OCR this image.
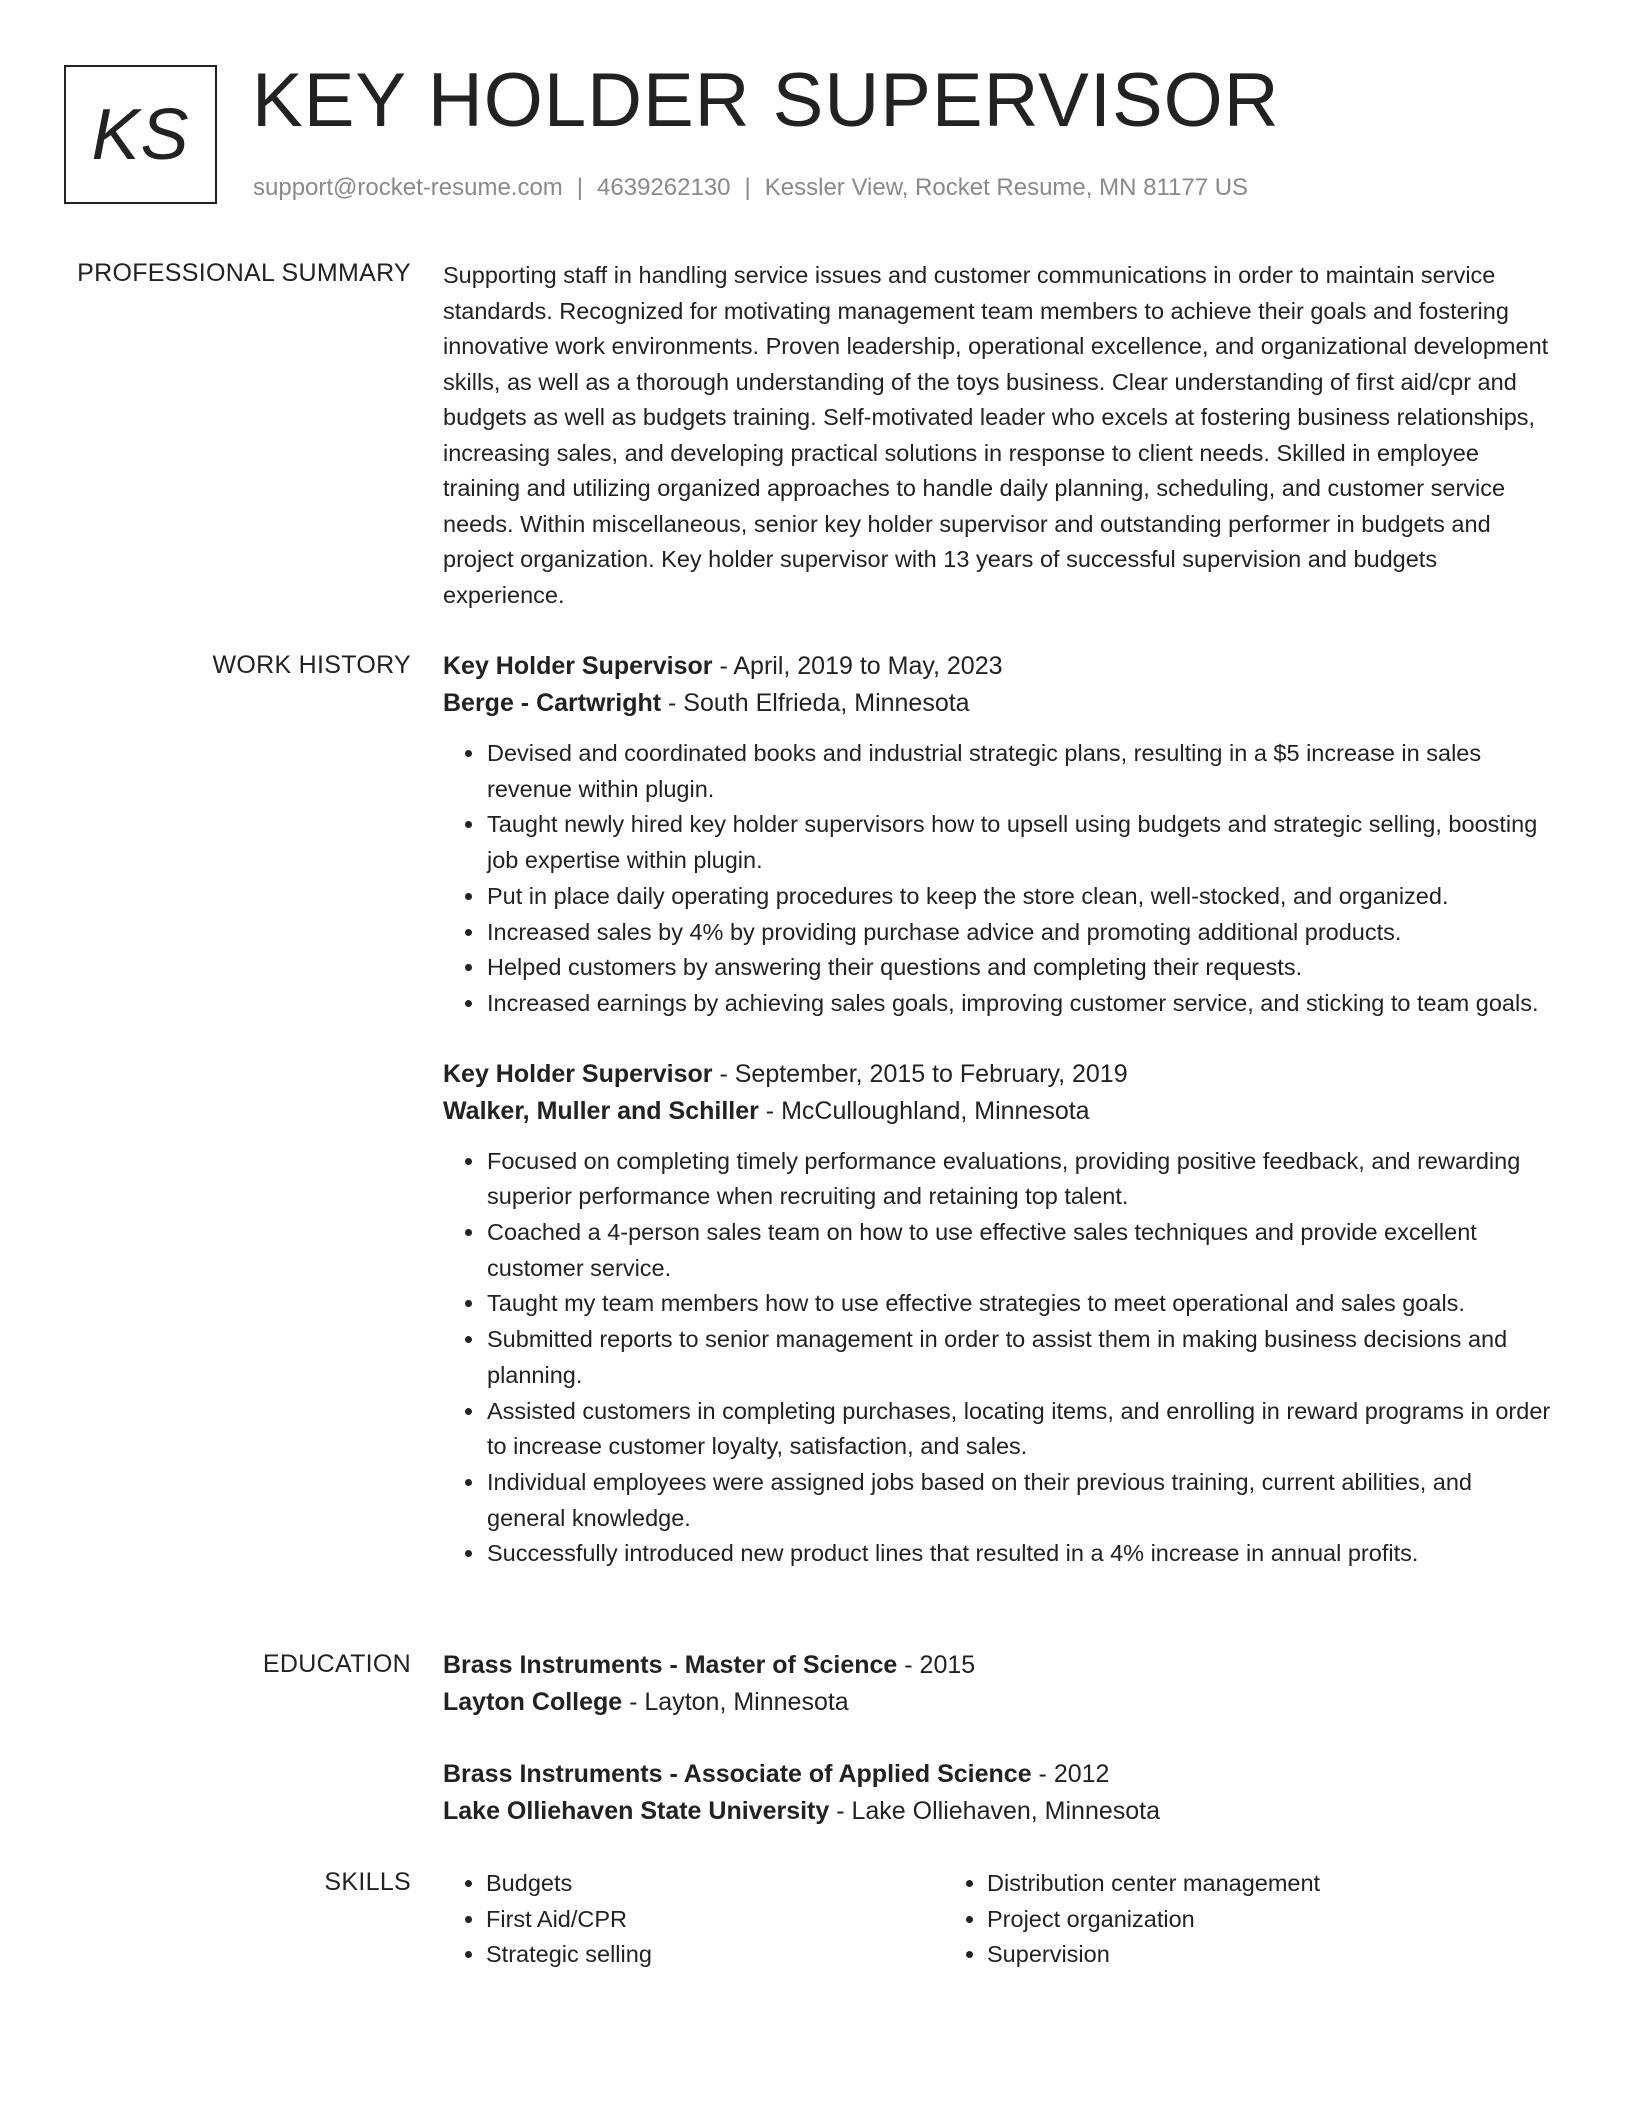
KS KEY HOLDER SUPERVISOR
support@rocket-resume.com | 4639262130 | Kessler View, Rocket Resume, MN 81177 US
PROFESSIONAL SUMMARY Supporting staff in handling service issues and customer communications in order to maintain service standards. Recognized for motivating management team members to achieve their goals and fostering innovative work environments. Proven leadership, operational excellence, and organizational development skills, as well as a thorough understanding of the toys business. Clear understanding of first aid/cpr and budgets as well as budgets training. Self-motivated leader who excels at fostering business relationships, increasing sales, and developing practical solutions in response to client needs. Skilled in employee training and utilizing organized approaches to handle daily planning, scheduling, and customer service needs. Within miscellaneous, senior key holder supervisor and outstanding performer in budgets and project organization. Key holder supervisor with 13 years of successful supervision and budgets experience.

WORK HISTORY Key Holder Supervisor - April, 2019 to May, 2023
Berge - Cartwright - South Elfrieda, Minnesota
• Devised and coordinated books and industrial strategic plans, resulting in a $5 increase in sales revenue within plugin.
• Taught newly hired key holder supervisors how to upsell using budgets and strategic selling, boosting job expertise within plugin.
• Put in place daily operating procedures to keep the store clean, well-stocked, and organized.
• Increased sales by 4% by providing purchase advice and promoting additional products.
• Helped customers by answering their questions and completing their requests.
• Increased earnings by achieving sales goals, improving customer service, and sticking to team goals.
Key Holder Supervisor - September, 2015 to February, 2019
Walker, Muller and Schiller - McCulloughland, Minnesota
• Focused on completing timely performance evaluations, providing positive feedback, and rewarding superior performance when recruiting and retaining top talent.
• Coached a 4-person sales team on how to use effective sales techniques and provide excellent customer service.
• Taught my team members how to use effective strategies to meet operational and sales goals.
• Submitted reports to senior management in order to assist them in making business decisions and planning.
• Assisted customers in completing purchases, locating items, and enrolling in reward programs in order to increase customer loyalty, satisfaction, and sales.
• Individual employees were assigned jobs based on their previous training, current abilities, and general knowledge.
• Successfully introduced new product lines that resulted in a 4% increase in annual profits.
EDUCATION Brass Instruments - Master of Science - 2015
Layton College - Layton, Minnesota
Brass Instruments - Associate of Applied Science - 2012
Lake Olliehaven State University - Lake Olliehaven, Minnesota
SKILLS
•	Budgets
• First Aid/CPR
• Strategic selling
• Distribution center management
• Project organization
• Supervision
